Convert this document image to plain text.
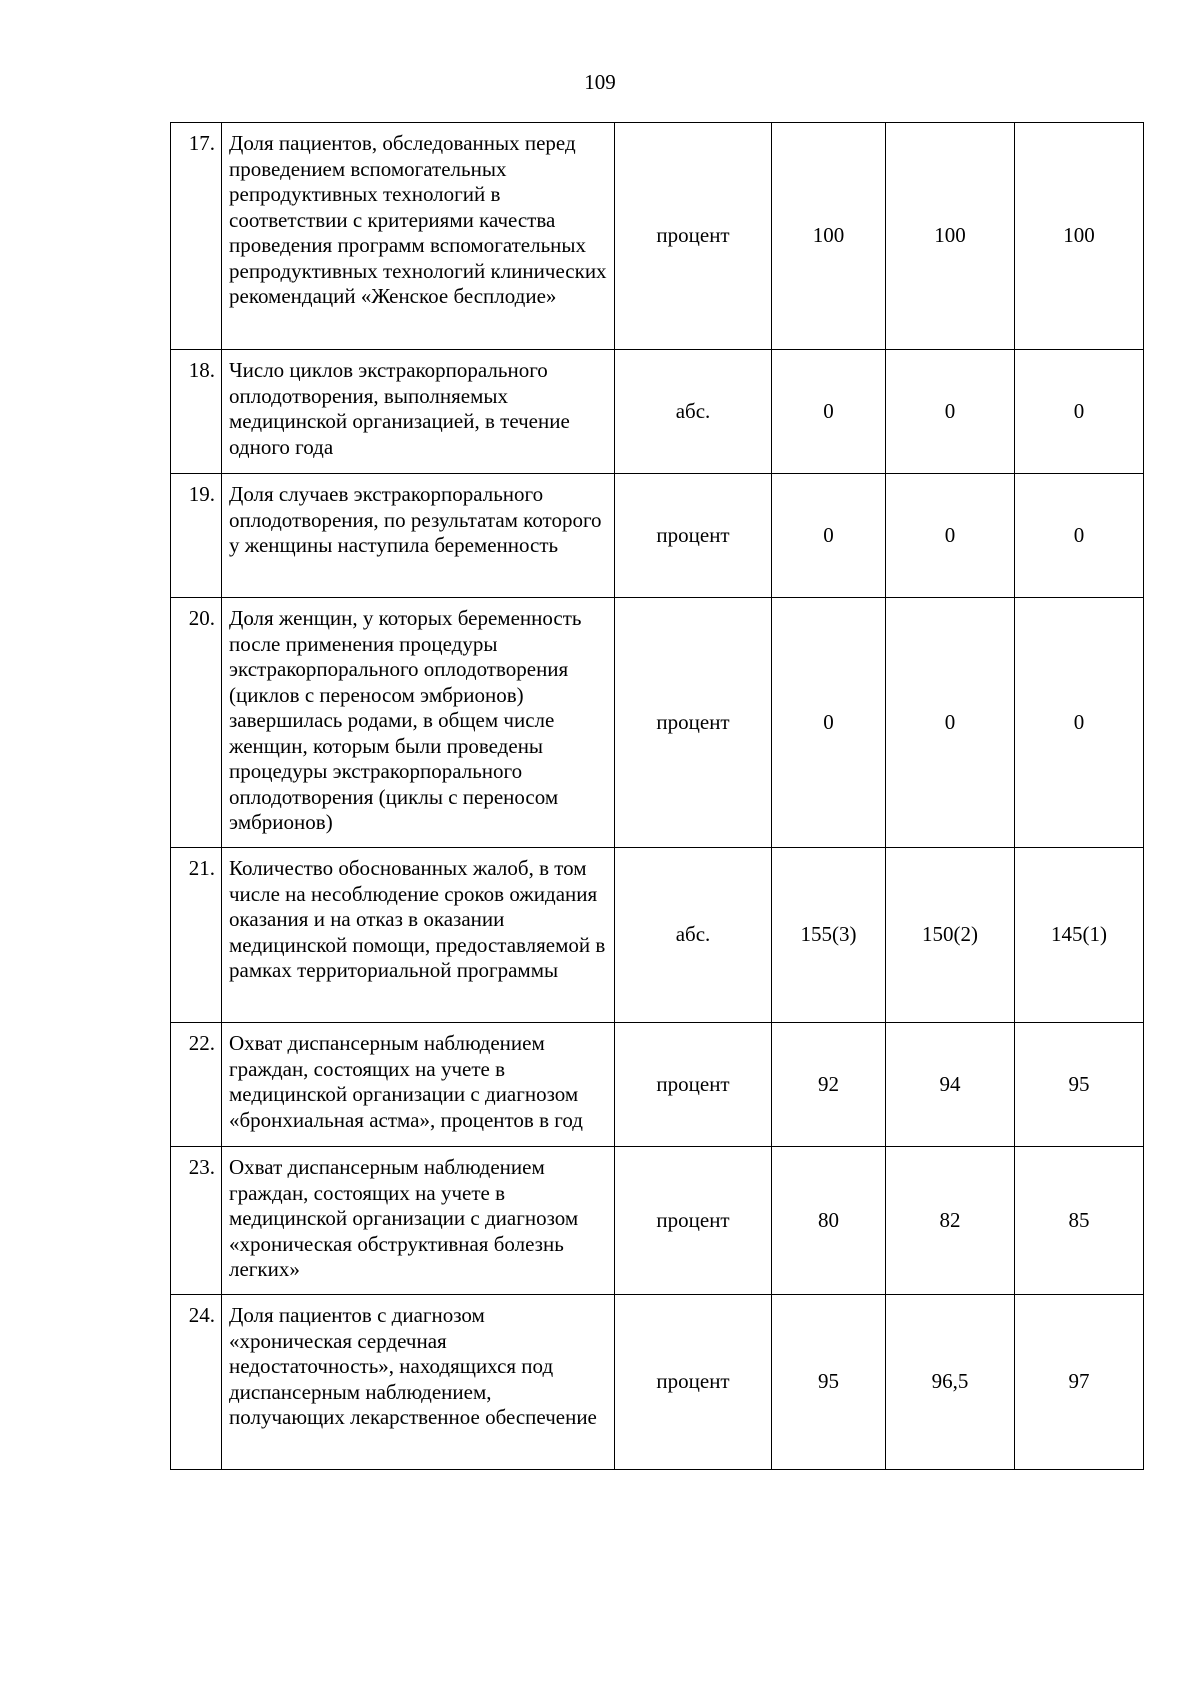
109
17.	Доля пациентов, обследованных перед проведением вспомогательных репродуктивных технологий в соответствии с критериями качества проведения программ вспомогательных репродуктивных технологий клинических рекомендаций «Женское бесплодие»	процент	100	100	100
18.	Число циклов экстракорпорального оплодотворения, выполняемых медицинской организацией, в течение одного года	абс.	0	0	0
19.	Доля случаев экстракорпорального оплодотворения, по результатам которого у женщины наступила беременность	процент	0	0	0
20.	Доля женщин, у которых беременность после применения процедуры экстракорпорального оплодотворения (циклов с переносом эмбрионов) завершилась родами, в общем числе женщин, которым были проведены процедуры экстракорпорального оплодотворения (циклы с переносом эмбрионов)	процент	0	0	0
21.	Количество обоснованных жалоб, в том числе на несоблюдение сроков ожидания оказания и на отказ в оказании медицинской помощи, предоставляемой в рамках территориальной программы	абс.	155(3)	150(2)	145(1)
22.	Охват диспансерным наблюдением граждан, состоящих на учете в медицинской организации с диагнозом «бронхиальная астма», процентов в год	процент	92	94	95
23.	Охват диспансерным наблюдением граждан, состоящих на учете в медицинской организации с диагнозом «хроническая обструктивная болезнь легких»	процент	80	82	85
24.	Доля пациентов с диагнозом «хроническая сердечная недостаточность», находящихся под диспансерным наблюдением, получающих лекарственное обеспечение	процент	95	96,5	97
